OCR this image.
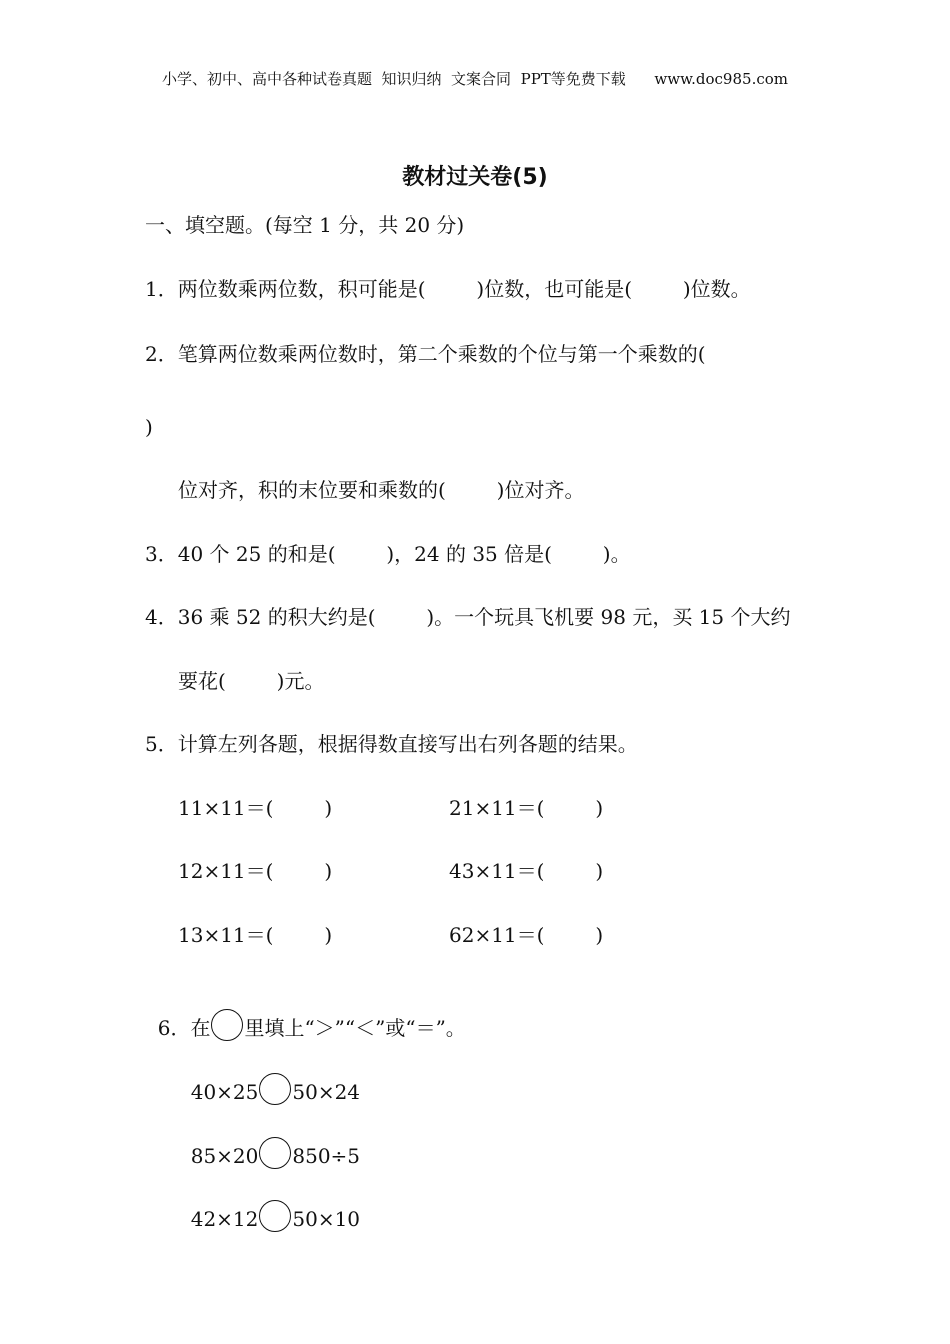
小学、初中、高中各种试卷真题  知识归纳  文案合同  PPT等免费下载      www.doc985.com
教材过关卷(5)
一、填空题。(每空 1 分，共 20 分)
1．两位数乘两位数，积可能是(        )位数，也可能是(        )位数。
2．笔算两位数乘两位数时，第二个乘数的个位与第一个乘数的(
)
位对齐，积的末位要和乘数的(        )位对齐。
3．40 个 25 的和是(        )，24 的 35 倍是(        )。
4．36 乘 52 的积大约是(        )。一个玩具飞机要 98 元，买 15 个大约
要花(        )元。
5．计算左列各题，根据得数直接写出右列各题的结果。
11×11＝(        )	21×11＝(        )
12×11＝(        )	43×11＝(        )
13×11＝(        )	62×11＝(        )

6．在 里填上“＞”“＜”或“＝”。

40×25 50×24

85×20 850÷5

42×12 50×10
